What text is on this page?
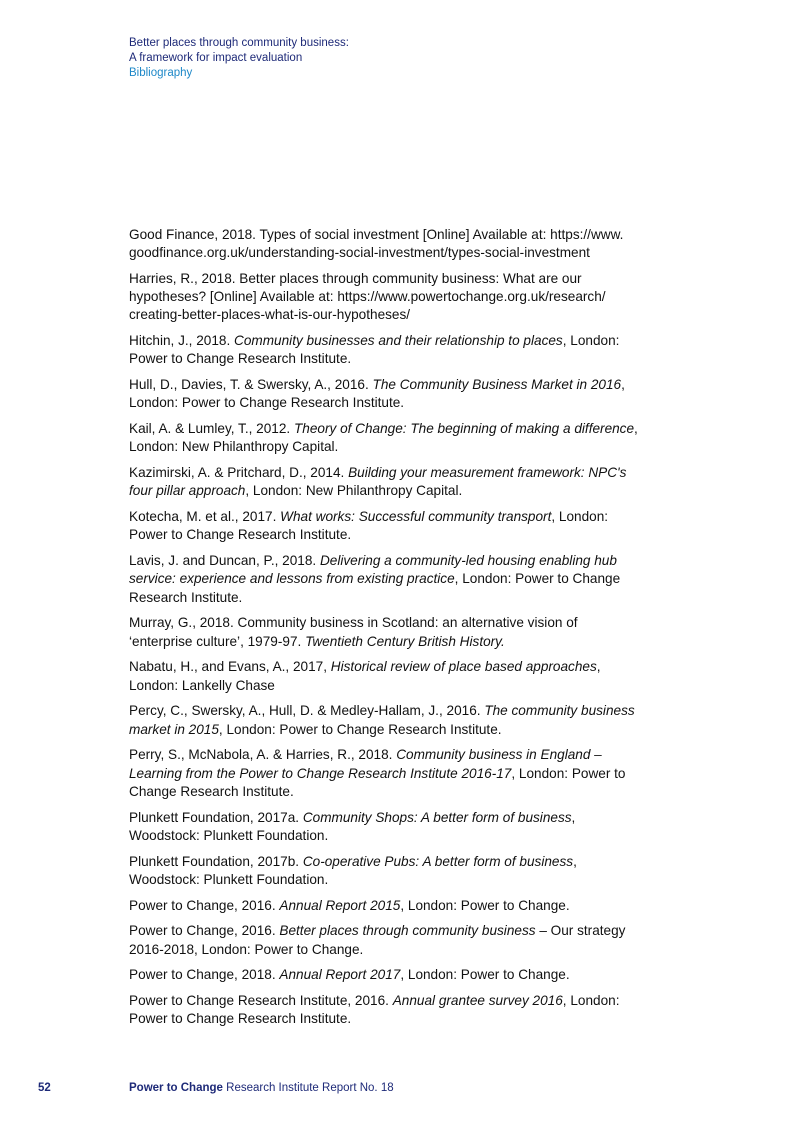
Better places through community business:
A framework for impact evaluation
Bibliography

Good Finance, 2018. Types of social investment [Online] Available at: https://www.
goodfinance.org.uk/understanding-social-investment/types-social-investment

Harries, R., 2018. Better places through community business: What are our
hypotheses? [Online] Available at: https://www.powertochange.org.uk/research/
creating-better-places-what-is-our-hypotheses/

Hitchin, J., 2018. Community businesses and their relationship to places, London:
Power to Change Research Institute.

Hull, D., Davies, T. & Swersky, A., 2016. The Community Business Market in 2016,
London: Power to Change Research Institute.

Kail, A. & Lumley, T., 2012. Theory of Change: The beginning of making a difference,
London: New Philanthropy Capital.

Kazimirski, A. & Pritchard, D., 2014. Building your measurement framework: NPC's
four pillar approach, London: New Philanthropy Capital.

Kotecha, M. et al., 2017. What works: Successful community transport, London:
Power to Change Research Institute.

Lavis, J. and Duncan, P., 2018. Delivering a community-led housing enabling hub
service: experience and lessons from existing practice, London: Power to Change
Research Institute.

Murray, G., 2018. Community business in Scotland: an alternative vision of
‘enterprise culture’, 1979-97. Twentieth Century British History.

Nabatu, H., and Evans, A., 2017, Historical review of place based approaches,
London: Lankelly Chase

Percy, C., Swersky, A., Hull, D. & Medley-Hallam, J., 2016. The community business
market in 2015, London: Power to Change Research Institute.

Perry, S., McNabola, A. & Harries, R., 2018. Community business in England –
Learning from the Power to Change Research Institute 2016-17, London: Power to
Change Research Institute.

Plunkett Foundation, 2017a. Community Shops: A better form of business,
Woodstock: Plunkett Foundation.

Plunkett Foundation, 2017b. Co-operative Pubs: A better form of business,
Woodstock: Plunkett Foundation.

Power to Change, 2016. Annual Report 2015, London: Power to Change.

Power to Change, 2016. Better places through community business – Our strategy
2016-2018, London: Power to Change.

Power to Change, 2018. Annual Report 2017, London: Power to Change.

Power to Change Research Institute, 2016. Annual grantee survey 2016, London:
Power to Change Research Institute.

52	Power to Change Research Institute Report No. 18
